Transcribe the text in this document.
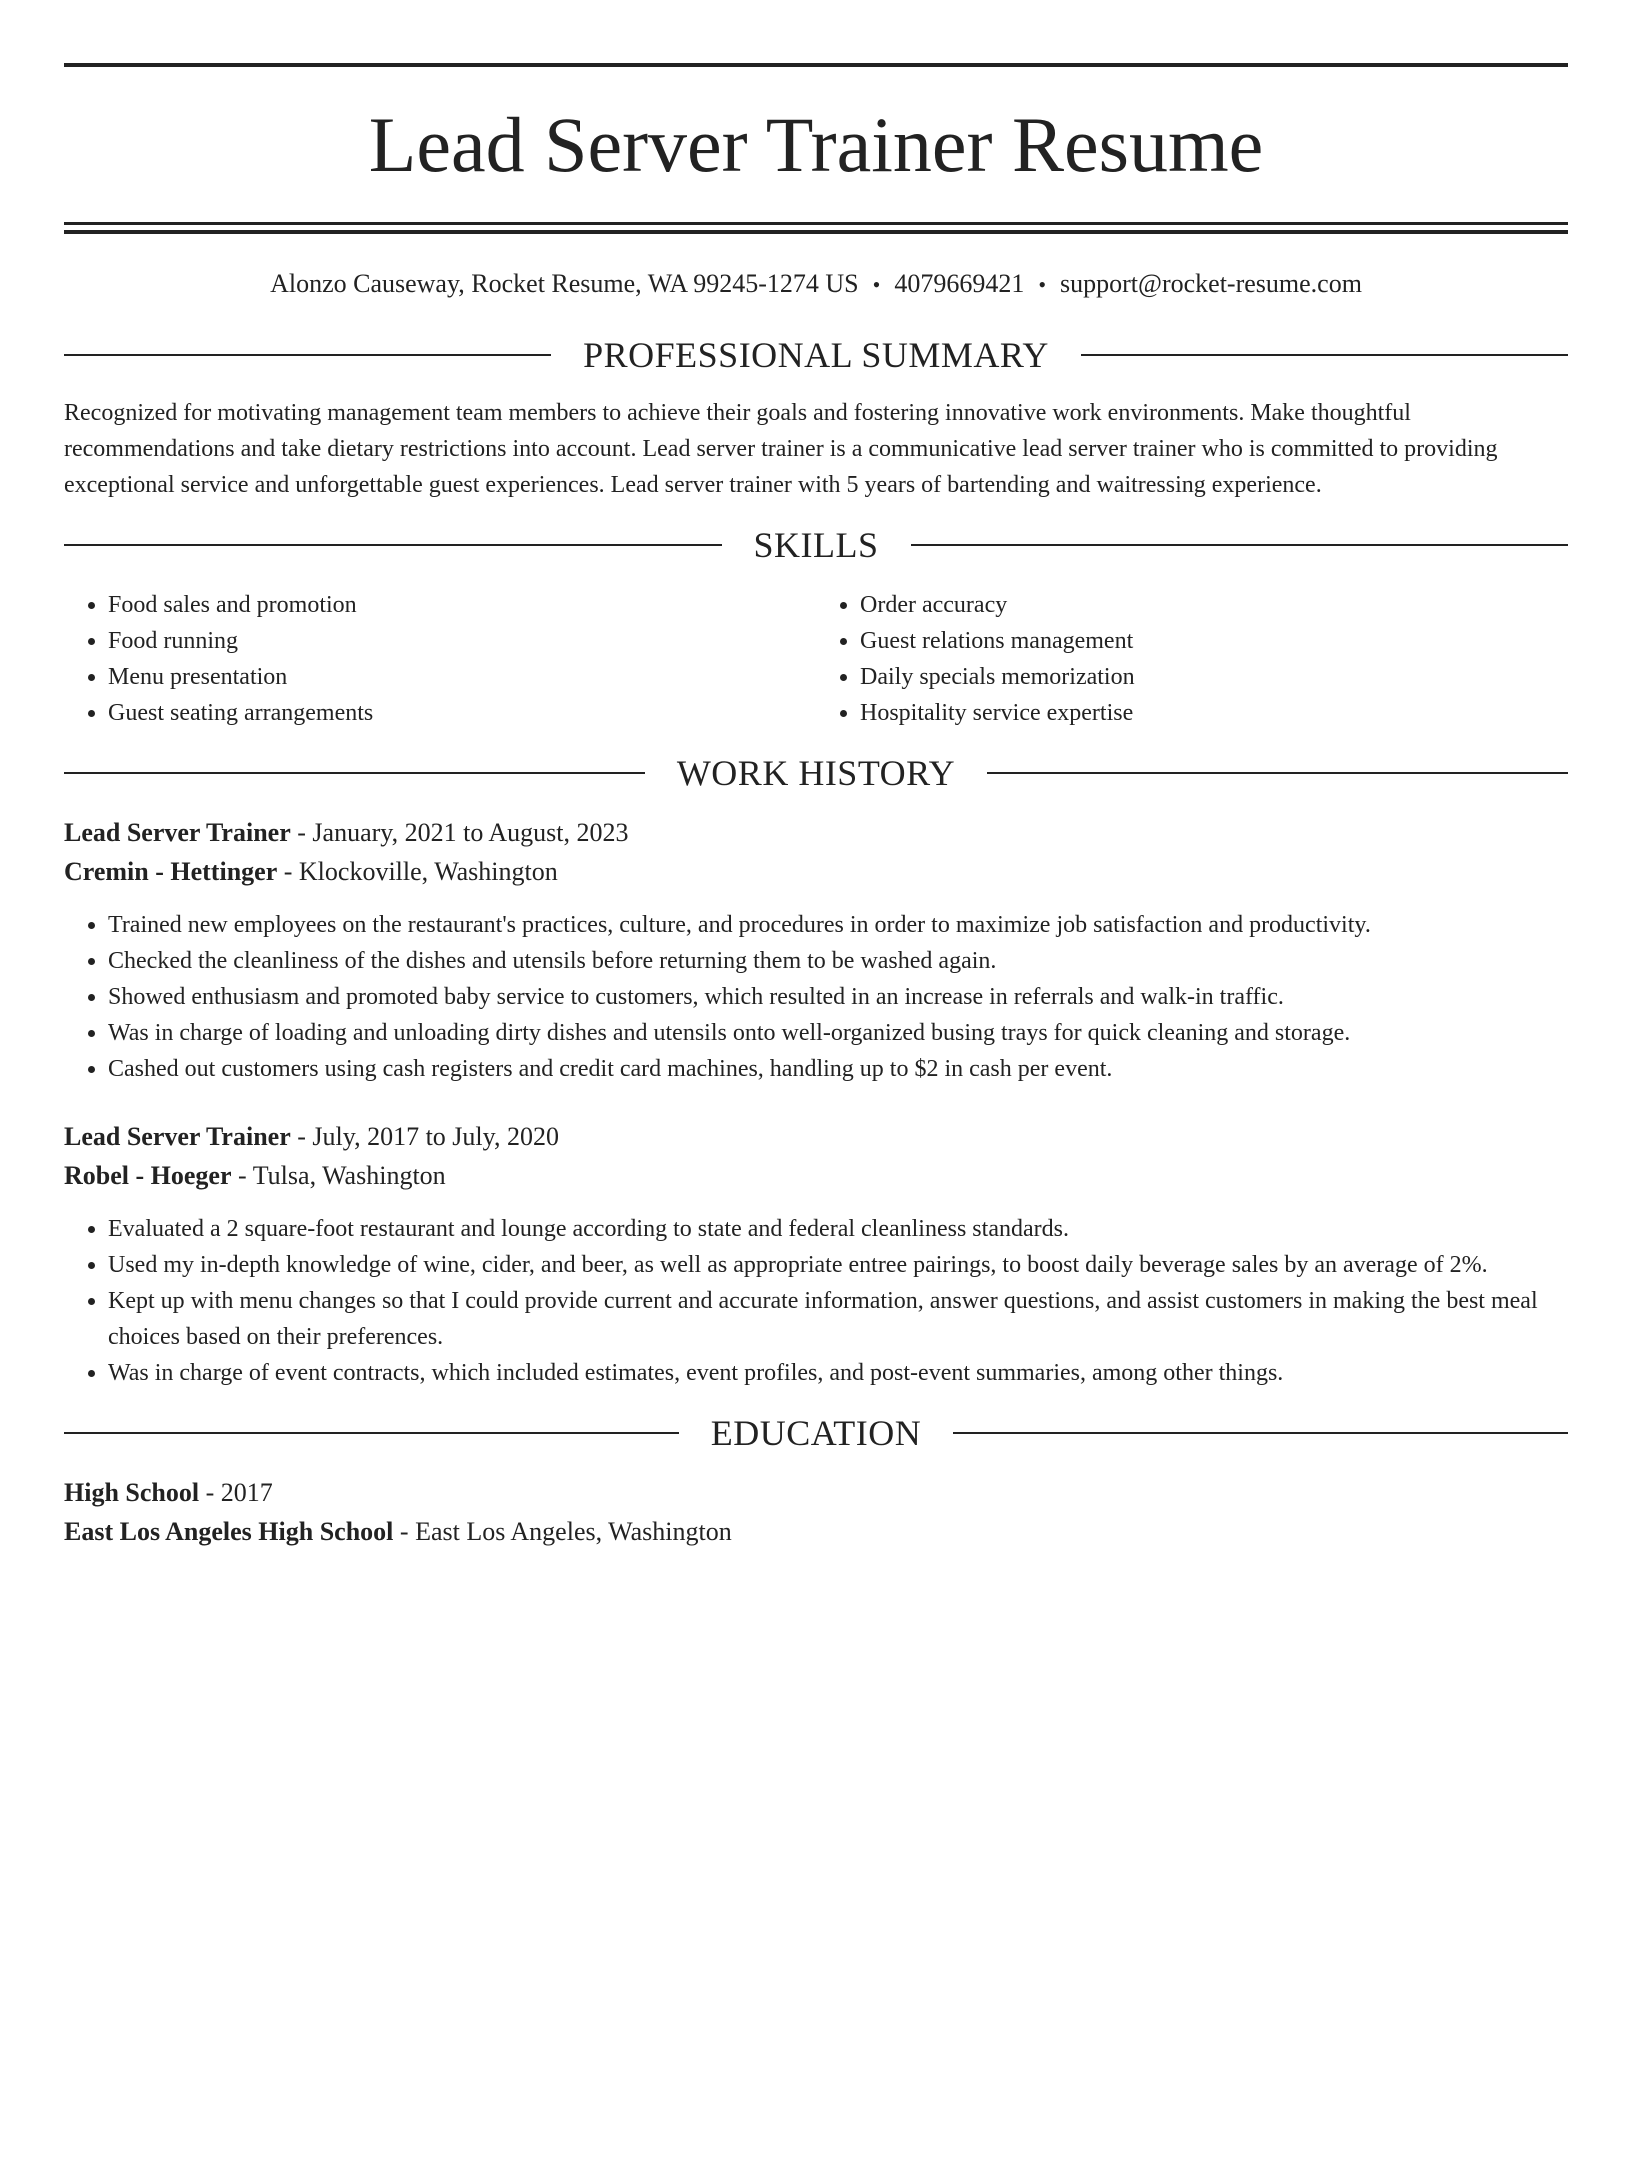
Lead Server Trainer Resume
Alonzo Causeway, Rocket Resume, WA 99245-1274 US • 4079669421 • support@rocket-resume.com
PROFESSIONAL SUMMARY

Recognized for motivating management team members to achieve their goals and fostering innovative work environments. Make thoughtful recommendations and take dietary restrictions into account. Lead server trainer is a communicative lead server trainer who is committed to providing exceptional service and unforgettable guest experiences. Lead server trainer with 5 years of bartending and waitressing experience.

SKILLS
• Food sales and promotion
• Food running
• Menu presentation
• Guest seating arrangements
• Order accuracy
• Guest relations management
• Daily specials memorization
• Hospitality service expertise
WORK HISTORY
Lead Server Trainer - January, 2021 to August, 2023
Cremin - Hettinger - Klockoville, Washington
• Trained new employees on the restaurant's practices, culture, and procedures in order to maximize job satisfaction and productivity.
• Checked the cleanliness of the dishes and utensils before returning them to be washed again.
• Showed enthusiasm and promoted baby service to customers, which resulted in an increase in referrals and walk-in traffic.
• Was in charge of loading and unloading dirty dishes and utensils onto well-organized busing trays for quick cleaning and storage.
• Cashed out customers using cash registers and credit card machines, handling up to $2 in cash per event.
Lead Server Trainer - July, 2017 to July, 2020
Robel - Hoeger - Tulsa, Washington
• Evaluated a 2 square-foot restaurant and lounge according to state and federal cleanliness standards.
• Used my in-depth knowledge of wine, cider, and beer, as well as appropriate entree pairings, to boost daily beverage sales by an average of 2%.
• Kept up with menu changes so that I could provide current and accurate information, answer questions, and assist customers in making the best meal choices based on their preferences.
• Was in charge of event contracts, which included estimates, event profiles, and post-event summaries, among other things.
EDUCATION
High School - 2017
East Los Angeles High School - East Los Angeles, Washington
